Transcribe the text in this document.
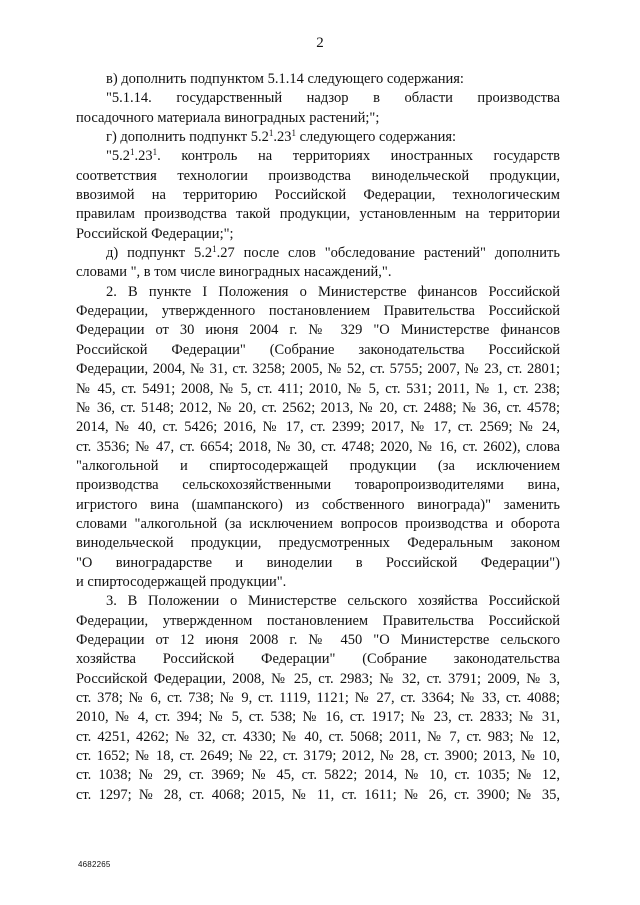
2
в) дополнить подпунктом 5.1.14 следующего содержания:
"5.1.14. государственный надзор в области производства
посадочного материала виноградных растений;";
г) дополнить подпункт $5.2^1.23^1$ следующего содержания:
"$5.2^1.23^1$. контроль на территориях иностранных государств
соответствия технологии производства винодельческой продукции,
ввозимой на территорию Российской Федерации, технологическим
правилам производства такой продукции, установленным на территории
Российской Федерации;";
д) подпункт $5.2^1.27$ после слов "обследование растений" дополнить
словами ", в том числе виноградных насаждений,".
2. В пункте I Положения о Министерстве финансов Российской
Федерации, утвержденного постановлением Правительства Российской
Федерации от 30 июня 2004 г. № 329 "О Министерстве финансов
Российской Федерации" (Собрание законодательства Российской
Федерации, 2004, № 31, ст. 3258; 2005, № 52, ст. 5755; 2007, № 23, ст. 2801;
№ 45, ст. 5491; 2008, № 5, ст. 411; 2010, № 5, ст. 531; 2011, № 1, ст. 238;
№ 36, ст. 5148; 2012, № 20, ст. 2562; 2013, № 20, ст. 2488; № 36, ст. 4578;
2014, № 40, ст. 5426; 2016, № 17, ст. 2399; 2017, № 17, ст. 2569; № 24,
ст. 3536; № 47, ст. 6654; 2018, № 30, ст. 4748; 2020, № 16, ст. 2602), слова
"алкогольной и спиртосодержащей продукции (за исключением
производства сельскохозяйственными товаропроизводителями вина,
игристого вина (шампанского) из собственного винограда)" заменить
словами "алкогольной (за исключением вопросов производства и оборота
винодельческой продукции, предусмотренных Федеральным законом
"О виноградарстве и виноделии в Российской Федерации")
и спиртосодержащей продукции".
3. В Положении о Министерстве сельского хозяйства Российской
Федерации, утвержденном постановлением Правительства Российской
Федерации от 12 июня 2008 г. № 450 "О Министерстве сельского
хозяйства Российской Федерации" (Собрание законодательства
Российской Федерации, 2008, № 25, ст. 2983; № 32, ст. 3791; 2009, № 3,
ст. 378; № 6, ст. 738; № 9, ст. 1119, 1121; № 27, ст. 3364; № 33, ст. 4088;
2010, № 4, ст. 394; № 5, ст. 538; № 16, ст. 1917; № 23, ст. 2833; № 31,
ст. 4251, 4262; № 32, ст. 4330; № 40, ст. 5068; 2011, № 7, ст. 983; № 12,
ст. 1652; № 18, ст. 2649; № 22, ст. 3179; 2012, № 28, ст. 3900; 2013, № 10,
ст. 1038; № 29, ст. 3969; № 45, ст. 5822; 2014, № 10, ст. 1035; № 12,
ст. 1297; № 28, ст. 4068; 2015, № 11, ст. 1611; № 26, ст. 3900; № 35,
4682265
